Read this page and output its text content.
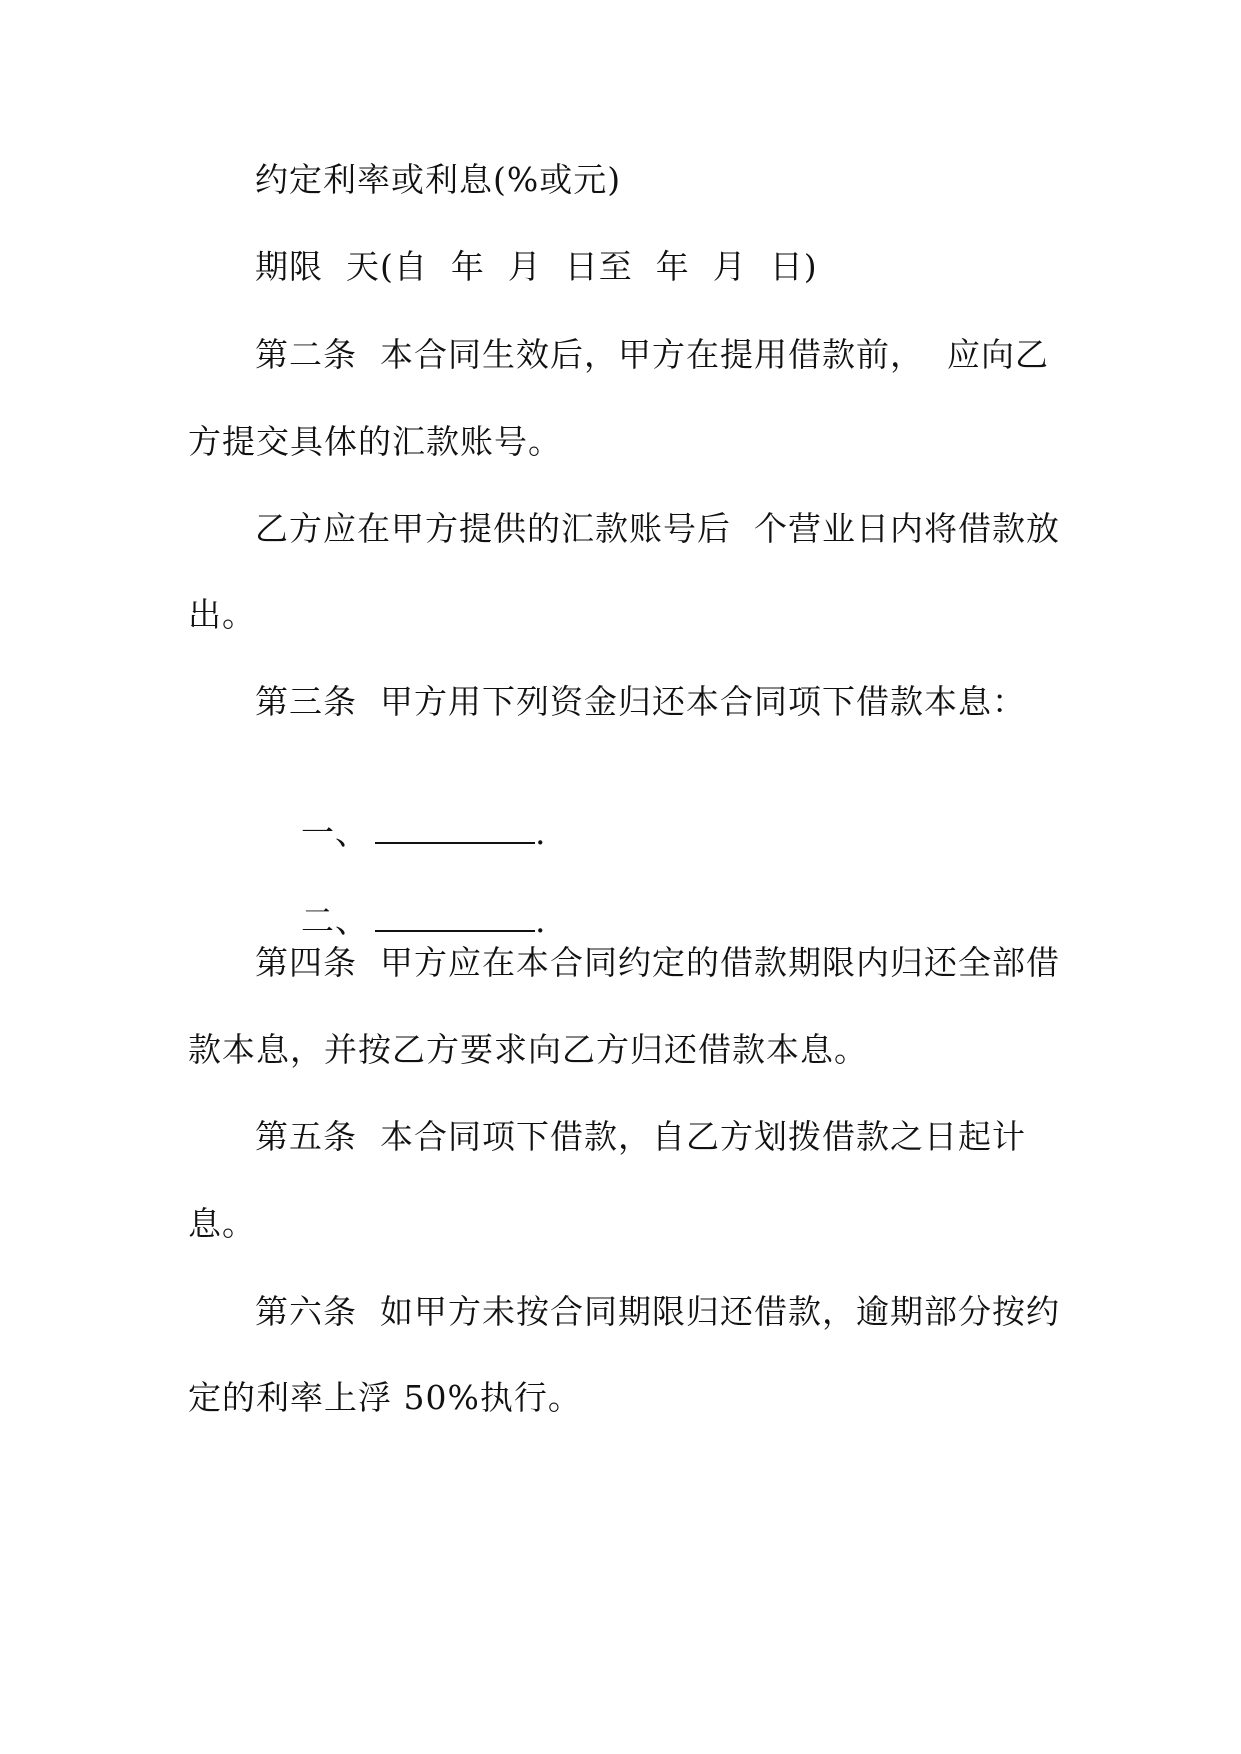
约定利率或利息(%或元)
期限  天(自  年  月  日至  年  月  日)
第二条  本合同生效后，甲方在提用借款前，  应向乙
方提交具体的汇款账号。
乙方应在甲方提供的汇款账号后  个营业日内将借款放
出。
第三条  甲方用下列资金归还本合同项下借款本息：

一、	.

二、	.

第四条  甲方应在本合同约定的借款期限内归还全部借
款本息，并按乙方要求向乙方归还借款本息。
第五条  本合同项下借款，自乙方划拨借款之日起计
息。
第六条  如甲方未按合同期限归还借款，逾期部分按约
定的利率上浮 50%执行。
